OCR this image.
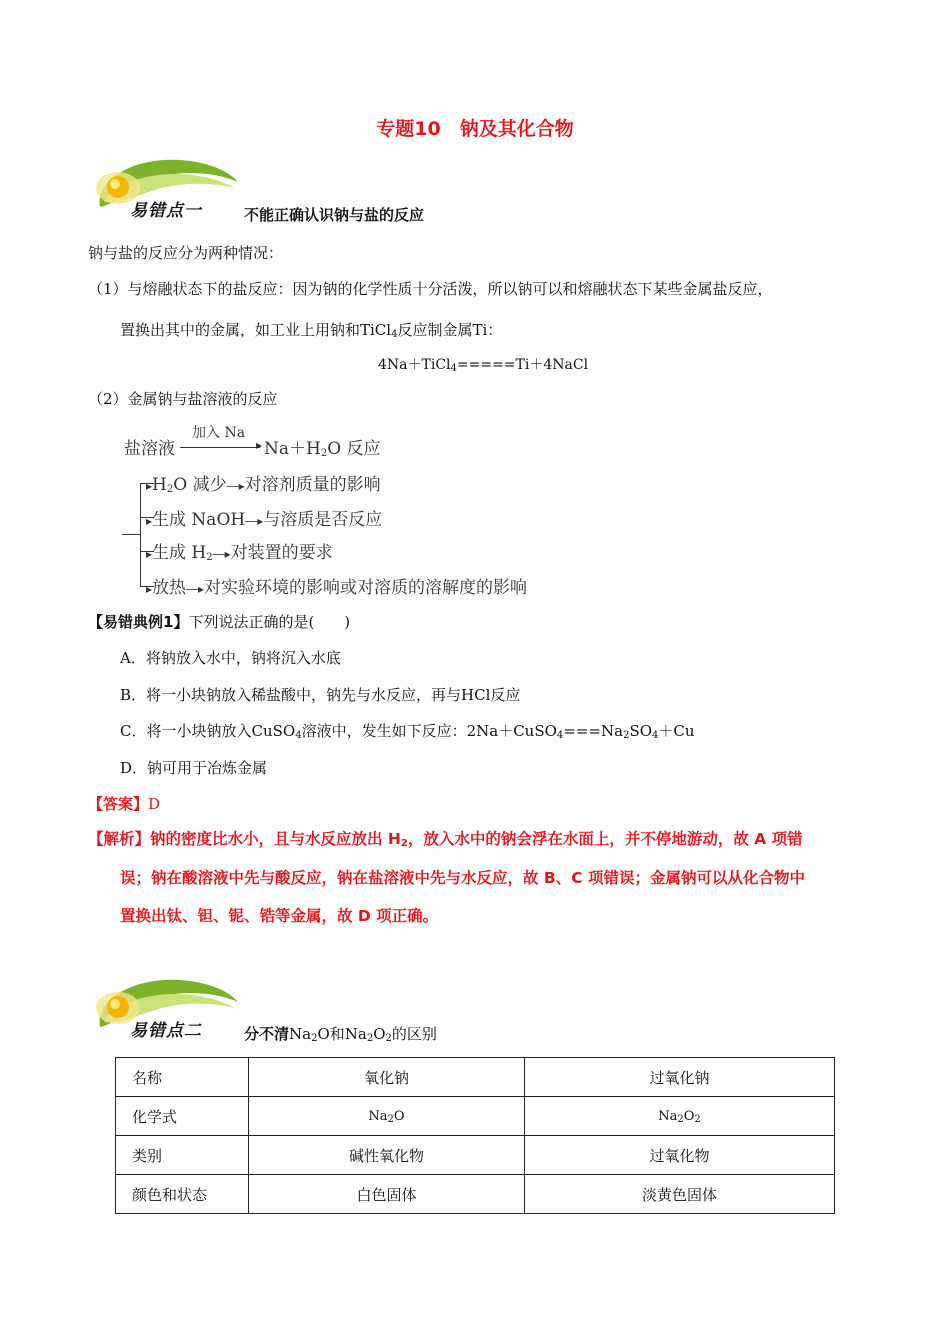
专题10　钠及其化合物
易错点一	不能正确认识钠与盐的反应
钠与盐的反应分为两种情况：
（1）与熔融状态下的盐反应：因为钠的化学性质十分活泼，所以钠可以和熔融状态下某些金属盐反应，
置换出其中的金属，如工业上用钠和TiCl$_4$反应制金属Ti：
4Na＋TiCl$_4$=====Ti＋4NaCl
（2）金属钠与盐溶液的反应
盐溶液
加入 Na
▸ $Na+H_2O$ 反应
$▸H_2O$ 减少―▸对溶剂质量的影响
▸生成 NaOH―▸与溶质是否反应
▸生成 $H_2―▸$对装置的要求
▸放热―▸对实验环境的影响或对溶质的溶解度的影响
【易错典例1】下列说法正确的是(　　)
A．将钠放入水中，钠将沉入水底
B．将一小块钠放入稀盐酸中，钠先与水反应，再与HCl反应
C．将一小块钠放入CuSO$_4$溶液中，发生如下反应：$2Na+CuSO_4===Na_2SO_4+Cu$
D．钠可用于冶炼金属
【答案】D
【解析】钠的密度比水小，且与水反应放出 $H_2$，放入水中的钠会浮在水面上，并不停地游动，故 A 项错
误；钠在酸溶液中先与酸反应，钠在盐溶液中先与水反应，故 B、C 项错误；金属钠可以从化合物中
置换出钛、钽、铌、锆等金属，故 D 项正确。
易错点二	分不清$Na_2O$和$Na_2O_2$的区别
名称	氧化钠	过氧化钠
化学式	$Na_2O$	$Na_2O_2$
类别	碱性氧化物	过氧化物
颜色和状态	白色固体	淡黄色固体
